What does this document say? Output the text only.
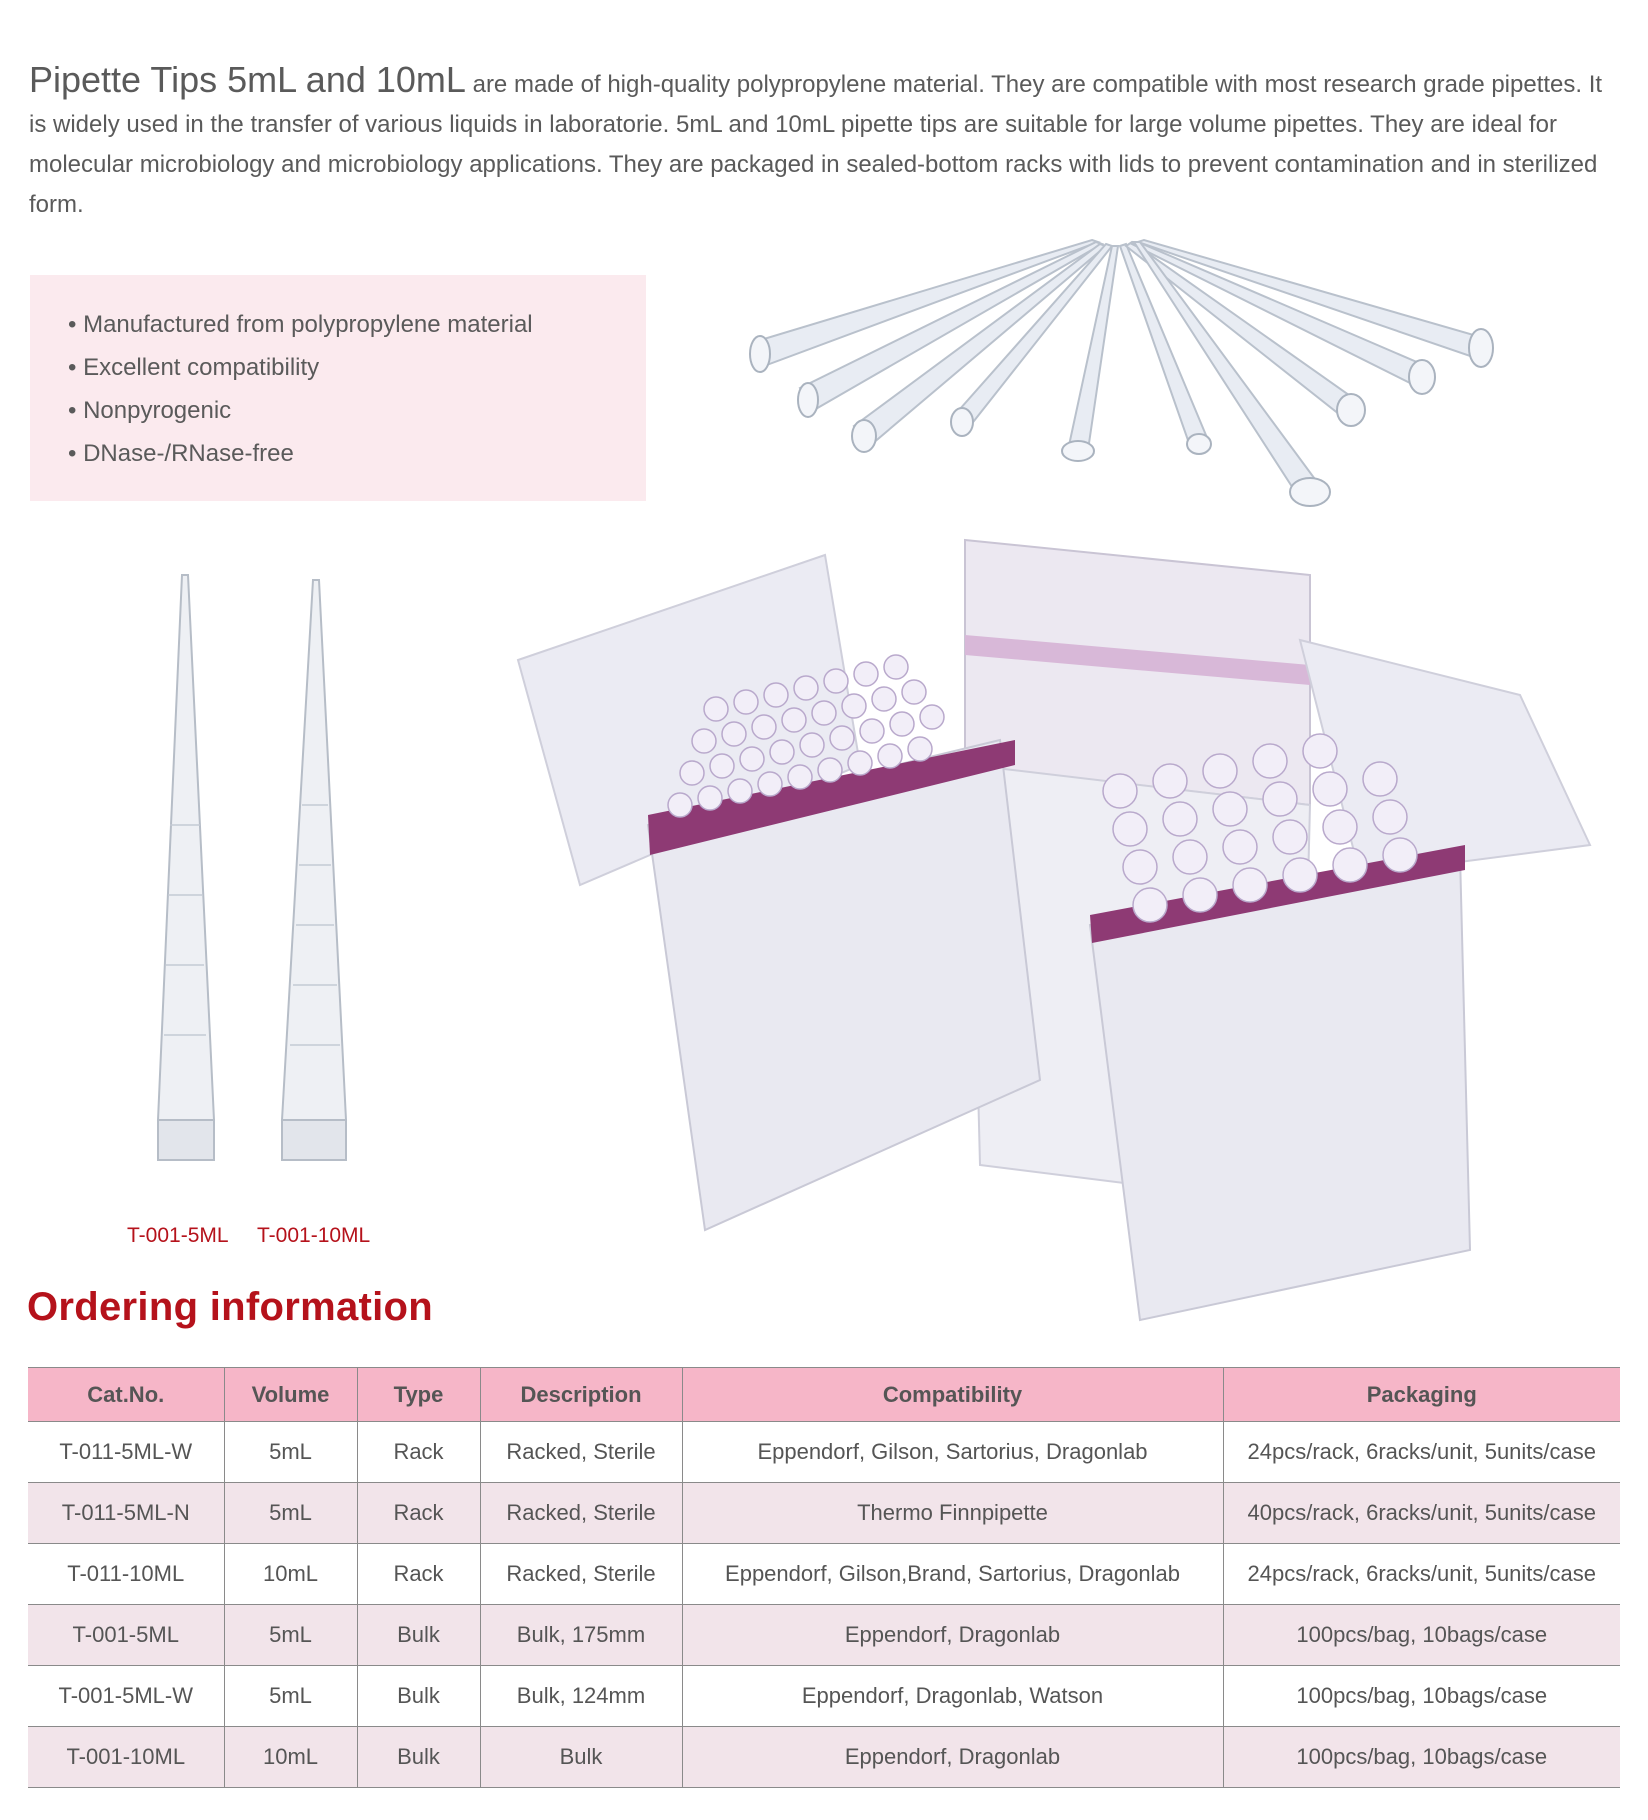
Pipette Tips 5mL and 10mL are made of high-quality polypropylene material. They are compatible with most research grade pipettes. It is widely used in the transfer of various liquids in laboratorie. 5mL and 10mL pipette tips are suitable for large volume pipettes. They are ideal for molecular microbiology and microbiology applications. They are packaged in sealed-bottom racks with lids to prevent contamination and in sterilized form.
• Manufactured from polypropylene material
• Excellent compatibility
• Nonpyrogenic
• DNase-/RNase-free
T-001-5ML T-001-10ML
Ordering information
Cat.No.	Volume	Type	Description	Compatibility	Packaging
T-011-5ML-W	5mL	Rack	Racked, Sterile	Eppendorf, Gilson, Sartorius, Dragonlab	24pcs/rack, 6racks/unit, 5units/case
T-011-5ML-N	5mL	Rack	Racked, Sterile	Thermo Finnpipette	40pcs/rack, 6racks/unit, 5units/case
T-011-10ML	10mL	Rack	Racked, Sterile	Eppendorf, Gilson,Brand, Sartorius, Dragonlab	24pcs/rack, 6racks/unit, 5units/case
T-001-5ML	5mL	Bulk	Bulk, 175mm	Eppendorf, Dragonlab	100pcs/bag, 10bags/case
T-001-5ML-W	5mL	Bulk	Bulk, 124mm	Eppendorf, Dragonlab, Watson	100pcs/bag, 10bags/case
T-001-10ML	10mL	Bulk	Bulk	Eppendorf, Dragonlab	100pcs/bag, 10bags/case
